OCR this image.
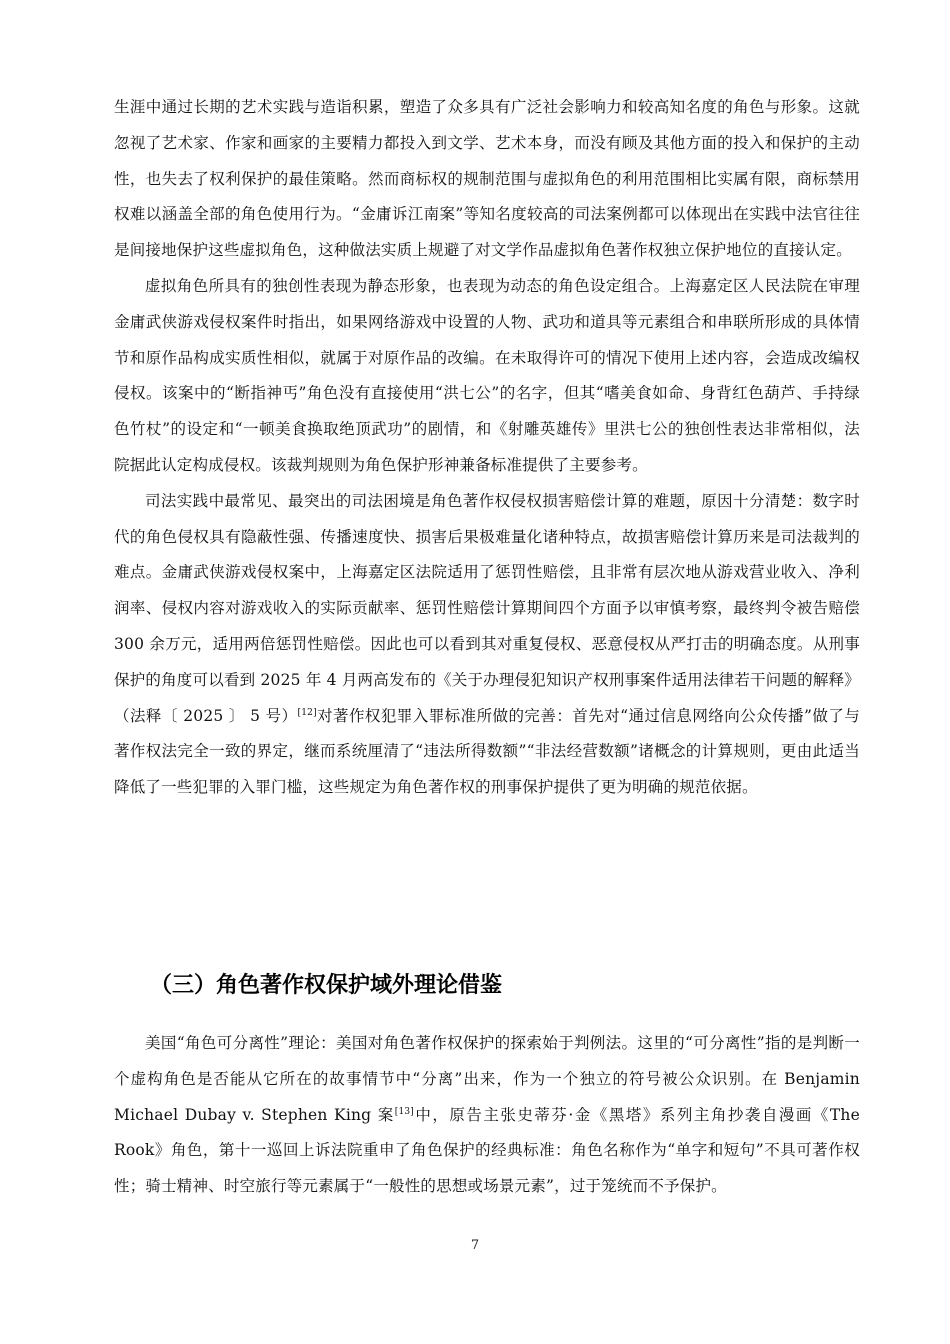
生涯中通过长期的艺术实践与造诣积累，塑造了众多具有广泛社会影响力和较高知名度的角色与形象。这就忽视了艺术家、作家和画家的主要精力都投入到文学、艺术本身，而没有顾及其他方面的投入和保护的主动性，也失去了权利保护的最佳策略。然而商标权的规制范围与虚拟角色的利用范围相比实属有限，商标禁用权难以涵盖全部的角色使用行为。“金庸诉江南案”等知名度较高的司法案例都可以体现出在实践中法官往往是间接地保护这些虚拟角色，这种做法实质上规避了对文学作品虚拟角色著作权独立保护地位的直接认定。

虚拟角色所具有的独创性表现为静态形象，也表现为动态的角色设定组合。上海嘉定区人民法院在审理金庸武侠游戏侵权案件时指出，如果网络游戏中设置的人物、武功和道具等元素组合和串联所形成的具体情节和原作品构成实质性相似，就属于对原作品的改编。在未取得许可的情况下使用上述内容，会造成改编权侵权。该案中的“断指神丐”角色没有直接使用“洪七公”的名字，但其“嗜美食如命、身背红色葫芦、手持绿色竹杖”的设定和“一顿美食换取绝顶武功”的剧情，和《射雕英雄传》里洪七公的独创性表达非常相似，法院据此认定构成侵权。该裁判规则为角色保护形神兼备标准提供了主要参考。

司法实践中最常见、最突出的司法困境是角色著作权侵权损害赔偿计算的难题，原因十分清楚：数字时代的角色侵权具有隐蔽性强、传播速度快、损害后果极难量化诸种特点，故损害赔偿计算历来是司法裁判的难点。金庸武侠游戏侵权案中，上海嘉定区法院适用了惩罚性赔偿，且非常有层次地从游戏营业收入、净利润率、侵权内容对游戏收入的实际贡献率、惩罚性赔偿计算期间四个方面予以审慎考察，最终判令被告赔偿 300 余万元，适用两倍惩罚性赔偿。因此也可以看到其对重复侵权、恶意侵权从严打击的明确态度。从刑事保护的角度可以看到 2025 年 4 月两高发布的《关于办理侵犯知识产权刑事案件适用法律若干问题的解释》（法释〔 2025 〕 5 号）[12]对著作权犯罪入罪标准所做的完善：首先对“通过信息网络向公众传播”做了与著作权法完全一致的界定，继而系统厘清了“违法所得数额”“非法经营数额”诸概念的计算规则，更由此适当降低了一些犯罪的入罪门槛，这些规定为角色著作权的刑事保护提供了更为明确的规范依据。

（三）角色著作权保护域外理论借鉴

美国“角色可分离性”理论：美国对角色著作权保护的探索始于判例法。这里的“可分离性”指的是判断一个虚构角色是否能从它所在的故事情节中“分离”出来，作为一个独立的符号被公众识别。在 Benjamin Michael Dubay v. Stephen King 案[13]中，原告主张史蒂芬·金《黑塔》系列主角抄袭自漫画《The Rook》角色，第十一巡回上诉法院重申了角色保护的经典标准：角色名称作为“单字和短句”不具可著作权性；骑士精神、时空旅行等元素属于“一般性的思想或场景元素”，过于笼统而不予保护。

7
